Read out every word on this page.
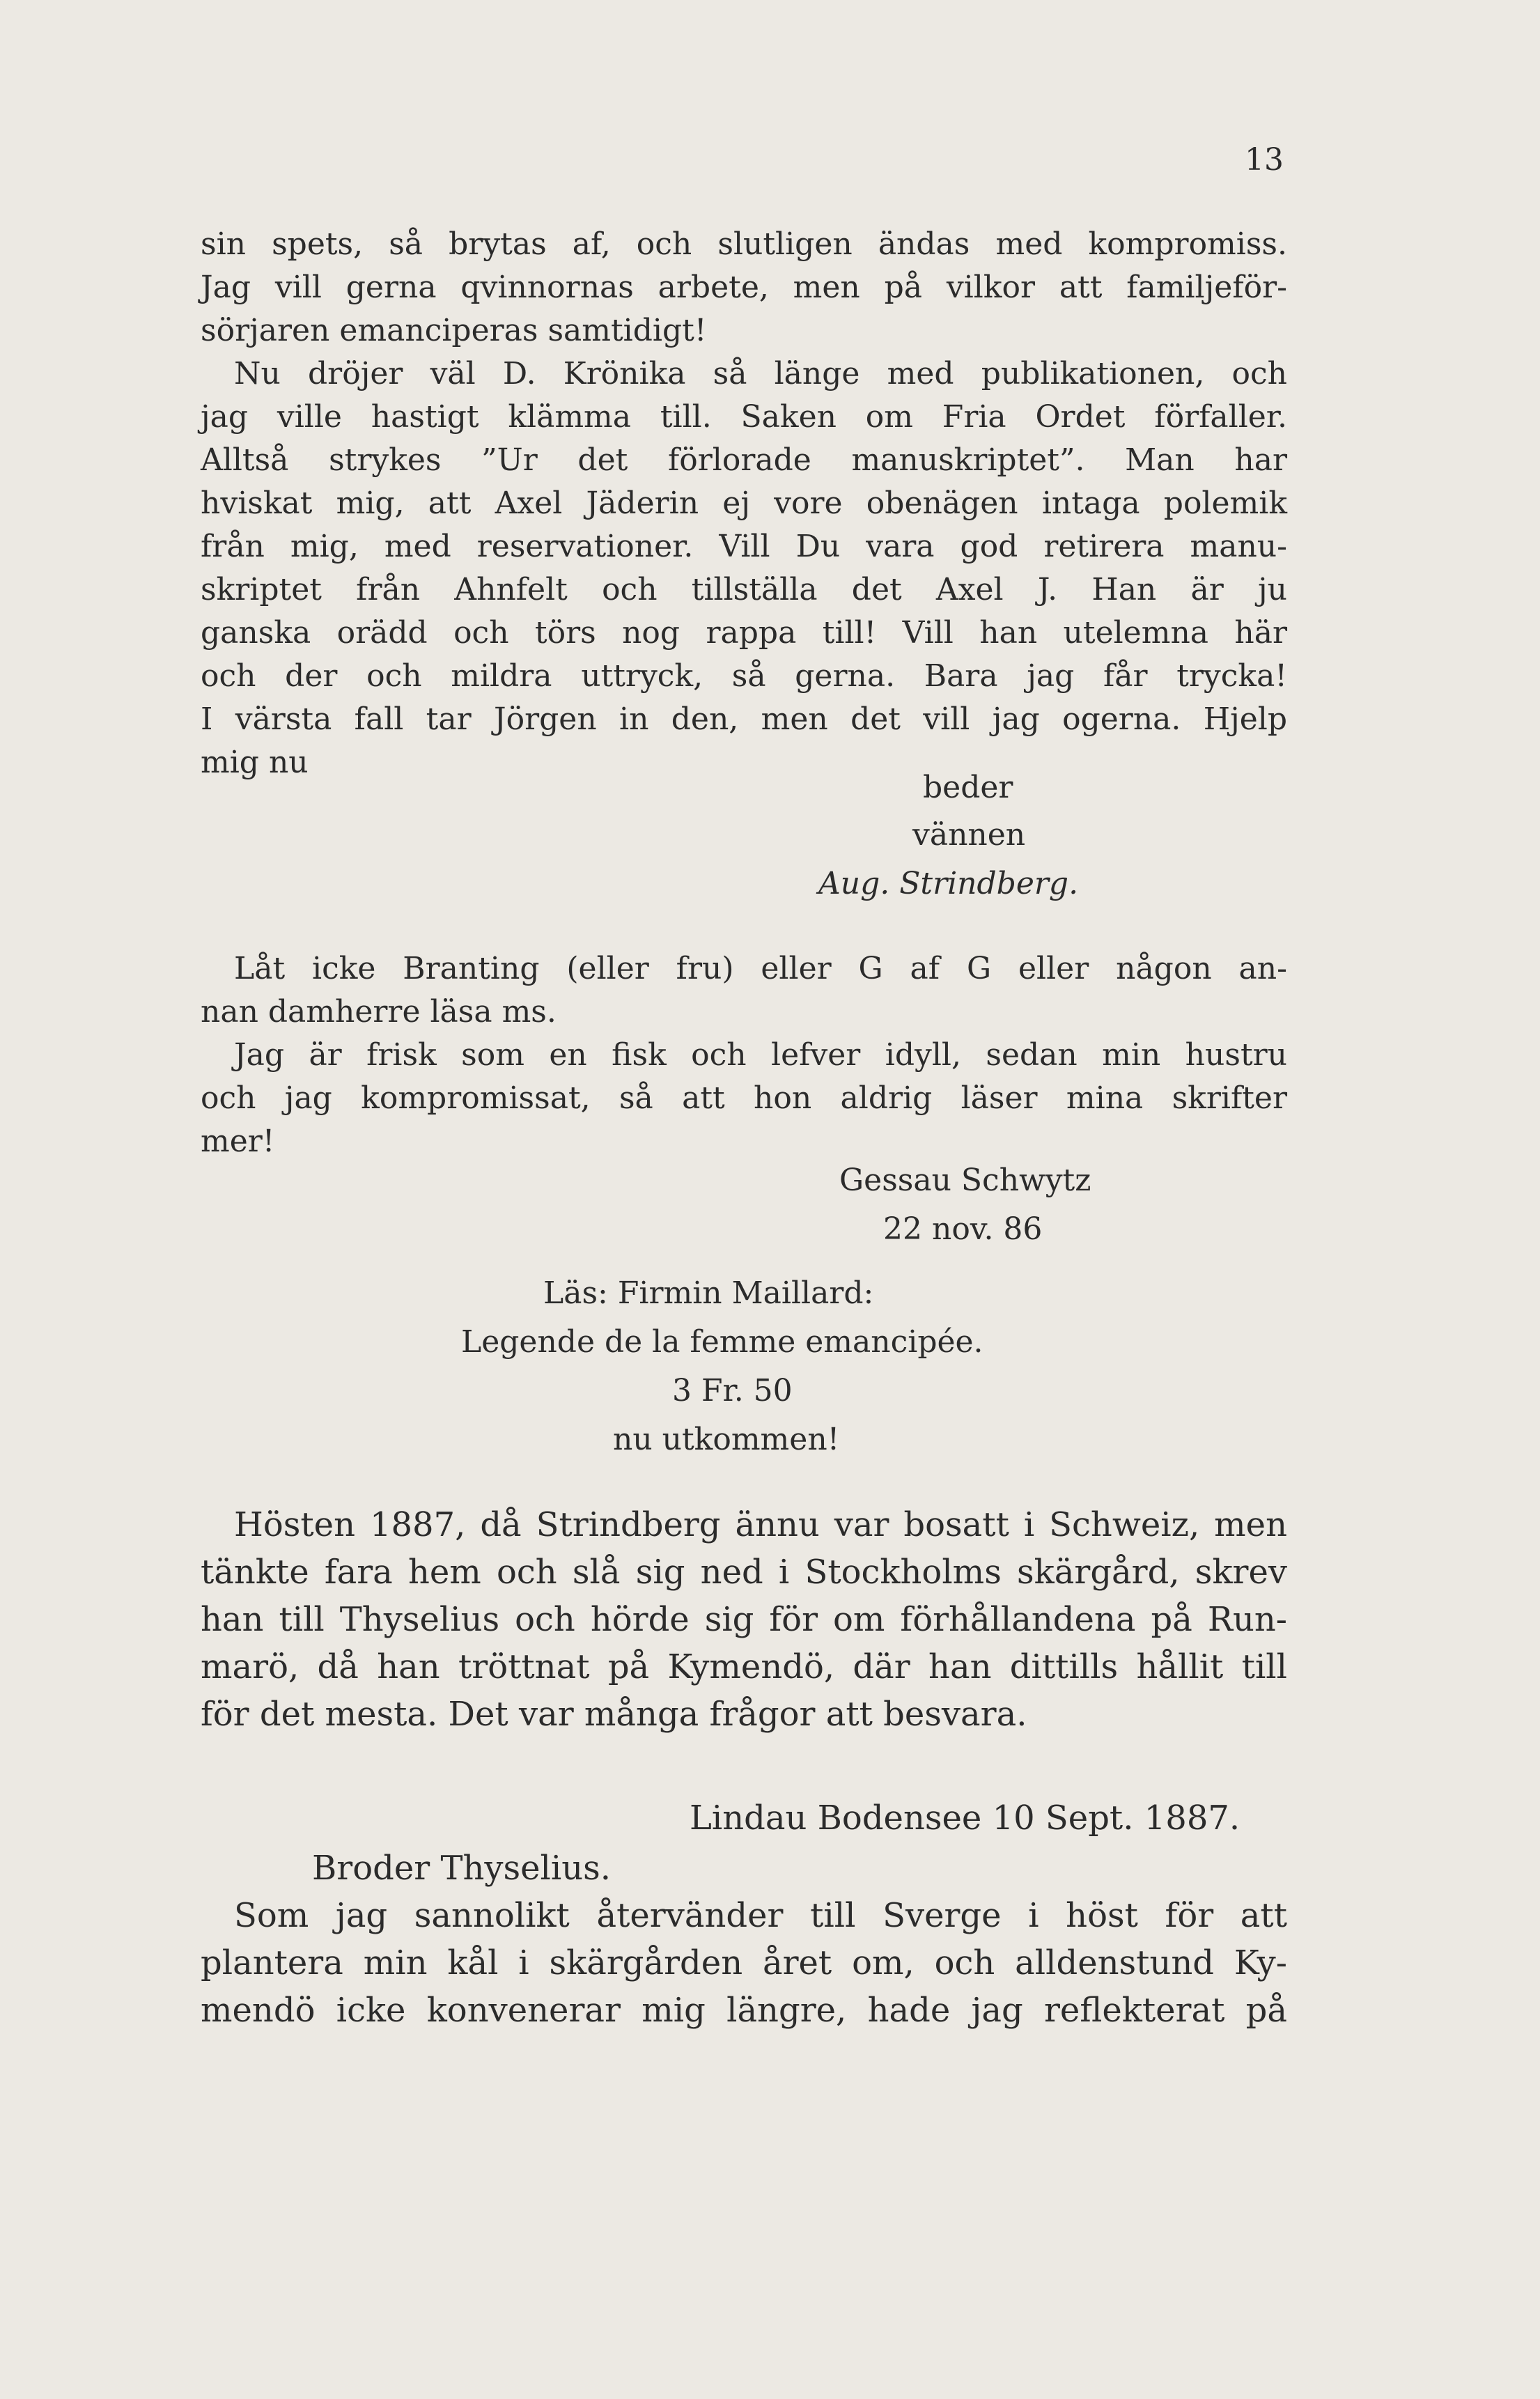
13
sin spets, så brytas af, och slutligen ändas med kompromiss.
Jag vill gerna qvinnornas arbete, men på vilkor att familjeför-
sörjaren emanciperas samtidigt!
Nu dröjer väl D. Krönika så länge med publikationen, och
jag ville hastigt klämma till. Saken om Fria Ordet förfaller.
Alltså strykes ”Ur det förlorade manuskriptet”. Man har
hviskat mig, att Axel Jäderin ej vore obenägen intaga polemik
från mig, med reservationer. Vill Du vara god retirera manu-
skriptet från Ahnfelt och tillställa det Axel J. Han är ju
ganska orädd och törs nog rappa till! Vill han utelemna här
och der och mildra uttryck, så gerna. Bara jag får trycka!
I värsta fall tar Jörgen in den, men det vill jag ogerna. Hjelp
mig nu
beder
vännen
Aug. Strindberg.
Låt icke Branting (eller fru) eller G af G eller någon an-
nan damherre läsa ms.
Jag är frisk som en fisk och lefver idyll, sedan min hustru
och jag kompromissat, så att hon aldrig läser mina skrifter
mer!
Gessau Schwytz
22 nov. 86
Läs: Firmin Maillard:
Legende de la femme emancipée.
3 Fr. 50
nu utkommen!
Hösten 1887, då Strindberg ännu var bosatt i Schweiz, men
tänkte fara hem och slå sig ned i Stockholms skärgård, skrev
han till Thyselius och hörde sig för om förhållandena på Run-
marö, då han tröttnat på Kymendö, där han dittills hållit till
för det mesta. Det var många frågor att besvara.
Lindau Bodensee 10 Sept. 1887.
Broder Thyselius.
Som jag sannolikt återvänder till Sverge i höst för att
plantera min kål i skärgården året om, och alldenstund Ky-
mendö icke konvenerar mig längre, hade jag reflekterat på
